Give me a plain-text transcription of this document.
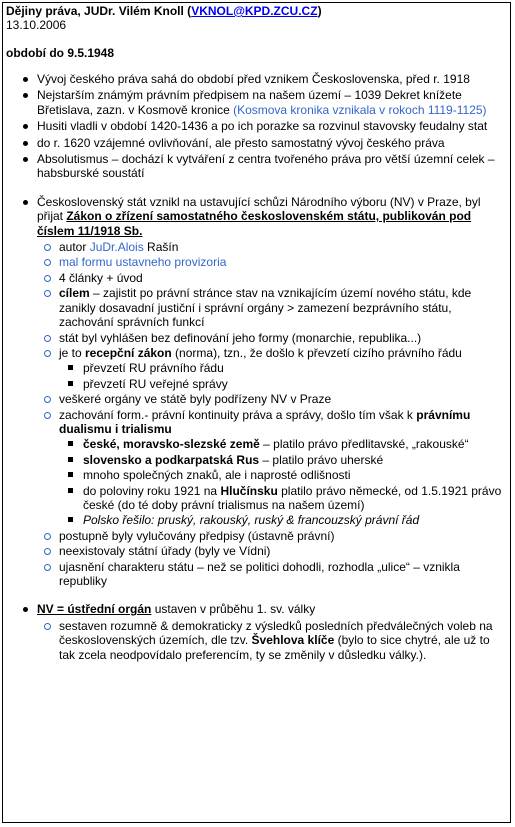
Dějiny práva, JUDr. Vilém Knoll (VKNOL@KPD.ZCU.CZ)
13.10.2006
období do 9.5.1948
Vývoj českého práva sahá do období před vznikem Československa, před r. 1918
Nejstarším známým právním předpisem na našem území – 1039 Dekret knížete Břetislava, zazn. v Kosmově kronice (Kosmova kronika vznikala v rokoch 1119-1125)
Husiti vladli v období 1420-1436 a po ich porazke sa rozvinul stavovsky feudalny stat
do r. 1620 vzájemné ovlivňování, ale přesto samostatný vývoj českého práva
Absolutismus – dochází k vytváření z centra tvořeného práva pro větší územní celek – habsburské soustátí
Československý stát vznikl na ustavující schůzi Národního výboru (NV) v Praze, byl přijat Zákon o zřízení samostatného československém státu, publikován pod číslem 11/1918 Sb.
autor JuDr.Alois Rašín
mal formu ustavneho provizoria
4 články + úvod
cílem – zajistit po právní stránce stav na vznikajícím území nového státu, kde zanikly dosavadní justiční i správní orgány > zamezení bezprávního státu, zachování správních funkcí
stát byl vyhlášen bez definování jeho formy (monarchie, republika...)
je to recepční zákon (norma), tzn., že došlo k převzetí cizího právního řádu
převzetí RU právního řádu
převzetí RU veřejné správy
veškeré orgány ve státě byly podřízeny NV v Praze
zachování form.- právní kontinuity práva a správy, došlo tím však k právnímu dualismu i trialismu
české, moravsko-slezské země – platilo právo předlitavské, „rakouské“
slovensko a podkarpatská Rus – platilo právo uherské
mnoho společných znaků, ale i naprosté odlišnosti
do poloviny roku 1921 na Hlučínsku platilo právo německé, od 1.5.1921 právo české (do té doby právní trialismus na našem území)
Polsko řešilo: pruský, rakouský, ruský & francouzský právní řád
postupně byly vylučovány předpisy (ústavně právní)
neexistovaly státní úřady (byly ve Vídni)
ujasnění charakteru státu – než se politici dohodli, rozhodla „ulice“ – vznikla republiky
NV = ústřední orgán ustaven v průběhu 1. sv. války
sestaven rozumně & demokraticky z výsledků posledních předválečných voleb na československých územích, dle tzv. Švehlova klíče (bylo to sice chytré, ale už to tak zcela neodpovídalo preferencím, ty se změnily v důsledku války.).
